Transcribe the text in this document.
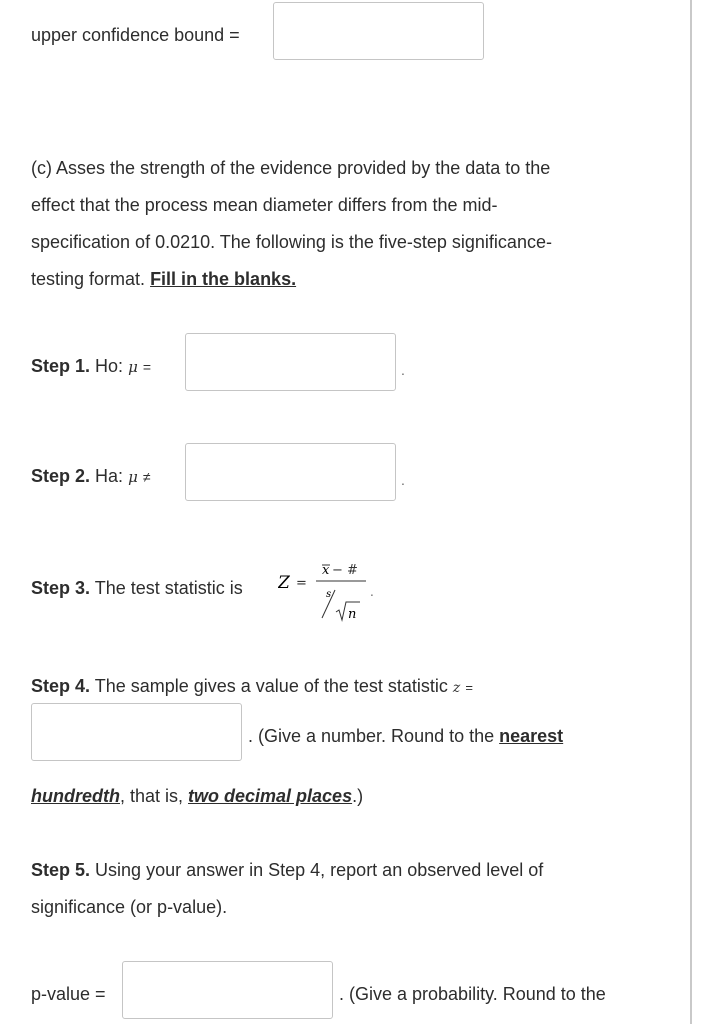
upper confidence bound =
(c) Asses the strength of the evidence provided by the data to the
effect that the process mean diameter differs from the mid-
specification of 0.0210. The following is the five-step significance-
testing format. Fill in the blanks.
Step 1. Ho: μ =	.
Step 2. Ha: μ ≠	.
Step 3. The test statistic is Z =
x − #
s
n
.
Step 4. The sample gives a value of the test statistic z =
. (Give a number. Round to the nearest
hundredth, that is, two decimal places.)
Step 5. Using your answer in Step 4, report an observed level of
significance (or p-value).
p-value =	. (Give a probability. Round to the
